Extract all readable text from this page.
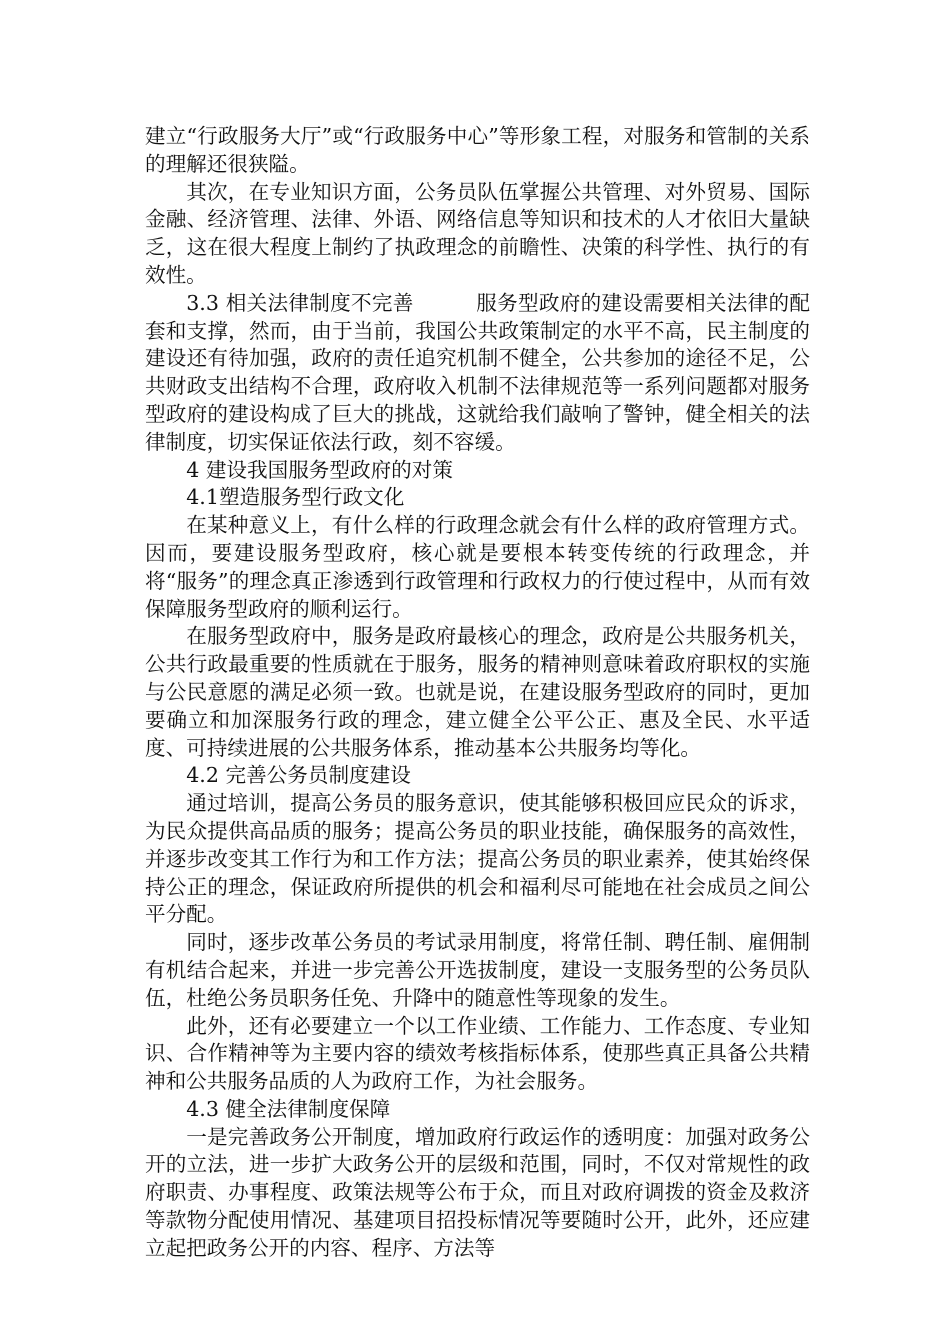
建立“行政服务大厅”或“行政服务中心”等形象工程，对服务和管制的关系的理解还很狭隘。

其次，在专业知识方面，公务员队伍掌握公共管理、对外贸易、国际金融、经济管理、法律、外语、网络信息等知识和技术的人才依旧大量缺乏，这在很大程度上制约了执政理念的前瞻性、决策的科学性、执行的有效性。

3.3 相关法律制度不完善　　　服务型政府的建设需要相关法律的配套和支撑，然而，由于当前，我国公共政策制定的水平不高，民主制度的建设还有待加强，政府的责任追究机制不健全，公共参加的途径不足，公共财政支出结构不合理，政府收入机制不法律规范等一系列问题都对服务型政府的建设构成了巨大的挑战，这就给我们敲响了警钟，健全相关的法律制度，切实保证依法行政，刻不容缓。

4 建设我国服务型政府的对策
4.1塑造服务型行政文化

在某种意义上，有什么样的行政理念就会有什么样的政府管理方式。因而，要建设服务型政府，核心就是要根本转变传统的行政理念，并将“服务”的理念真正渗透到行政管理和行政权力的行使过程中，从而有效保障服务型政府的顺利运行。

在服务型政府中，服务是政府最核心的理念，政府是公共服务机关，公共行政最重要的性质就在于服务，服务的精神则意味着政府职权的实施与公民意愿的满足必须一致。也就是说，在建设服务型政府的同时，更加要确立和加深服务行政的理念，建立健全公平公正、惠及全民、水平适度、可持续进展的公共服务体系，推动基本公共服务均等化。

4.2 完善公务员制度建设

通过培训，提高公务员的服务意识，使其能够积极回应民众的诉求，为民众提供高品质的服务；提高公务员的职业技能，确保服务的高效性，并逐步改变其工作行为和工作方法；提高公务员的职业素养，使其始终保持公正的理念，保证政府所提供的机会和福利尽可能地在社会成员之间公平分配。

同时，逐步改革公务员的考试录用制度，将常任制、聘任制、雇佣制有机结合起来，并进一步完善公开选拔制度，建设一支服务型的公务员队伍，杜绝公务员职务任免、升降中的随意性等现象的发生。

此外，还有必要建立一个以工作业绩、工作能力、工作态度、专业知识、合作精神等为主要内容的绩效考核指标体系，使那些真正具备公共精神和公共服务品质的人为政府工作，为社会服务。

4.3 健全法律制度保障

一是完善政务公开制度，增加政府行政运作的透明度：加强对政务公开的立法，进一步扩大政务公开的层级和范围，同时，不仅对常规性的政府职责、办事程度、政策法规等公布于众，而且对政府调拨的资金及救济等款物分配使用情况、基建项目招投标情况等要随时公开，此外，还应建立起把政务公开的内容、程序、方法等
